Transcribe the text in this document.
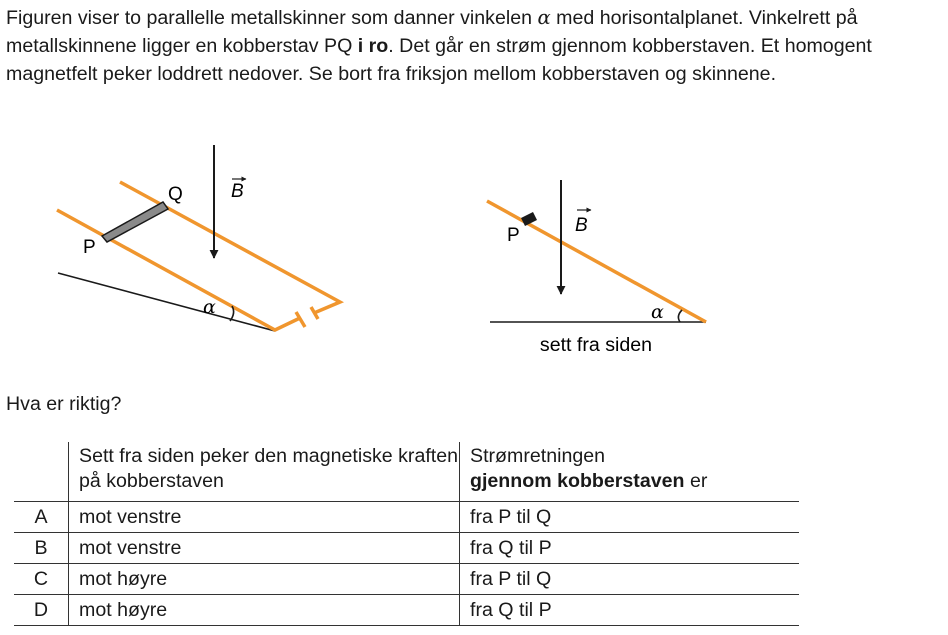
Figuren viser to parallelle metallskinner som danner vinkelen α med horisontalplanet. Vinkelrett på metallskinnene ligger en kobberstav PQ i ro. Det går en strøm gjennom kobberstaven. Et homogent magnetfelt peker loddrett nedover. Se bort fra friksjon mellom kobberstaven og skinnene.

P
Q	B
α
P	B
α
sett fra siden

Hva er riktig?

	Sett fra siden peker den magnetiske kraften på kobberstaven	Strømretningen
gjennom kobberstaven er
A	mot venstre	fra P til Q
B	mot venstre	fra Q til P
C	mot høyre	fra P til Q
D	mot høyre	fra Q til P
